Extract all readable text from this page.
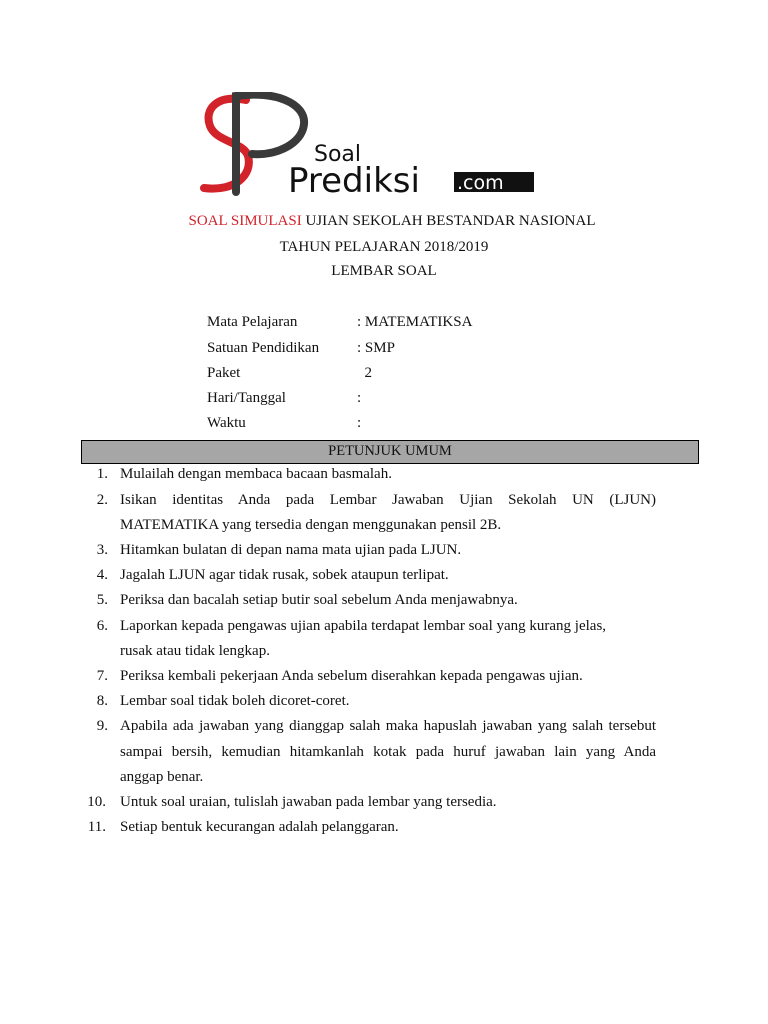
Soal
Prediksi .com
SOAL SIMULASI UJIAN SEKOLAH BESTANDAR NASIONAL
TAHUN PELAJARAN 2018/2019
LEMBAR SOAL
Mata Pelajaran	: MATEMATIKSA
Satuan Pendidikan	: SMP
Paket	2
Hari/Tanggal	:
Waktu	:
PETUNJUK UMUM
1. Mulailah dengan membaca bacaan basmalah.
2. Isikan identitas Anda pada Lembar Jawaban Ujian Sekolah UN (LJUN)
MATEMATIKA yang tersedia dengan menggunakan pensil 2B.
3. Hitamkan bulatan di depan nama mata ujian pada LJUN.
4. Jagalah LJUN agar tidak rusak, sobek ataupun terlipat.
5. Periksa dan bacalah setiap butir soal sebelum Anda menjawabnya.
6. Laporkan kepada pengawas ujian apabila terdapat lembar soal yang kurang jelas,
rusak atau tidak lengkap.
7. Periksa kembali pekerjaan Anda sebelum diserahkan kepada pengawas ujian.
8. Lembar soal tidak boleh dicoret-coret.
9. Apabila ada jawaban yang dianggap salah maka hapuslah jawaban yang salah tersebut
sampai bersih, kemudian hitamkanlah kotak pada huruf jawaban lain yang Anda
anggap benar.
10. Untuk soal uraian, tulislah jawaban pada lembar yang tersedia.
11. Setiap bentuk kecurangan adalah pelanggaran.
